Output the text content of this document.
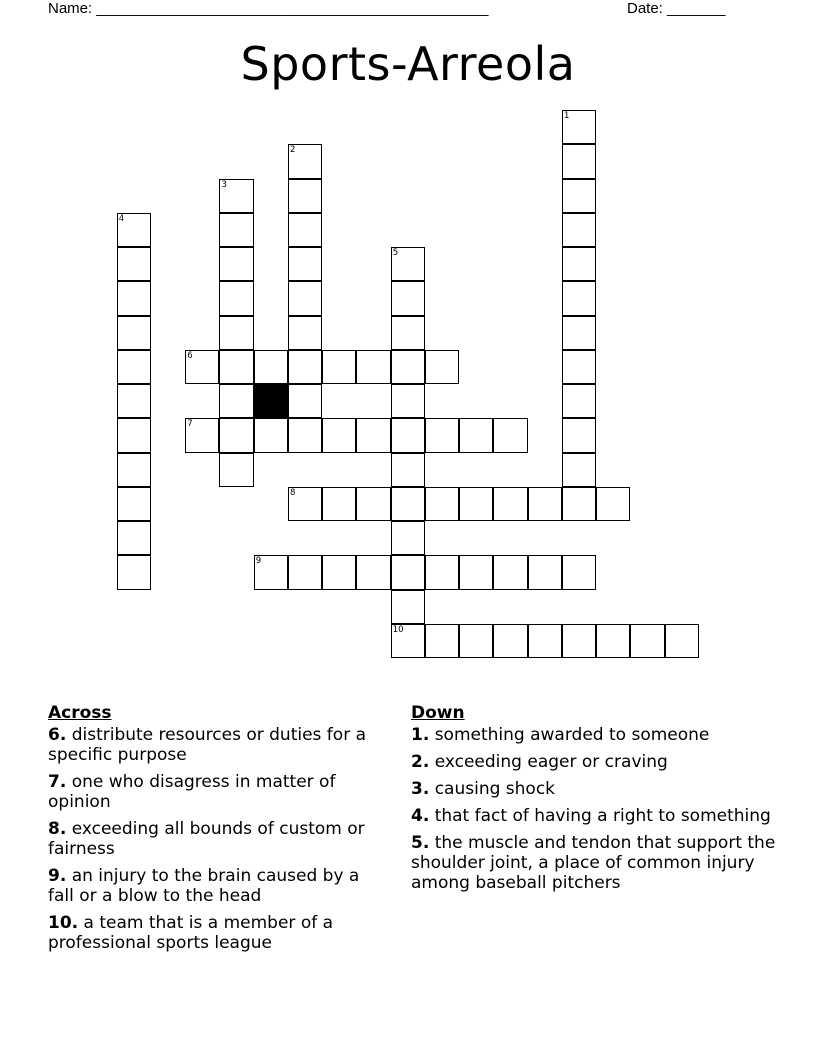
Name: _______________________________________________	Date: _______
Sports-Arreola
1
2
3
4
5
6
7
8
9
10
Across
6. distribute resources or duties for a specific purpose
7. one who disagress in matter of opinion
8. exceeding all bounds of custom or fairness
9. an injury to the brain caused by a fall or a blow to the head
10. a team that is a member of a professional sports league
Down
1. something awarded to someone
2. exceeding eager or craving
3. causing shock
4. that fact of having a right to something
5. the muscle and tendon that support the shoulder joint, a place of common injury among baseball pitchers
